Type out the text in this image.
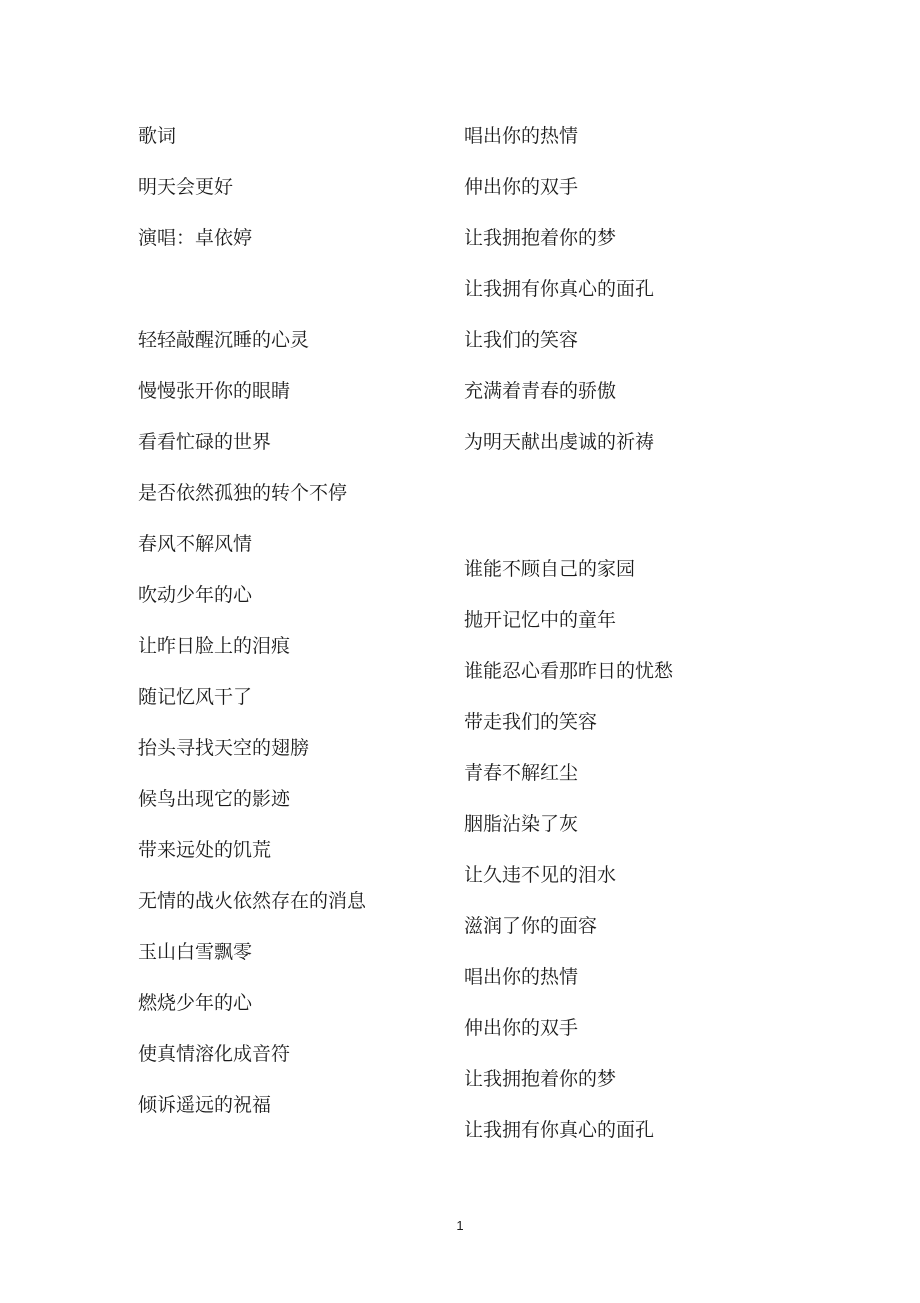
歌词
明天会更好
演唱：卓依婷
轻轻敲醒沉睡的心灵
慢慢张开你的眼睛
看看忙碌的世界
是否依然孤独的转个不停
春风不解风情
吹动少年的心
让昨日脸上的泪痕
随记忆风干了
抬头寻找天空的翅膀
候鸟出现它的影迹
带来远处的饥荒
无情的战火依然存在的消息
玉山白雪飘零
燃烧少年的心
使真情溶化成音符
倾诉遥远的祝福
唱出你的热情
伸出你的双手
让我拥抱着你的梦
让我拥有你真心的面孔
让我们的笑容
充满着青春的骄傲
为明天献出虔诚的祈祷
谁能不顾自己的家园
抛开记忆中的童年
谁能忍心看那昨日的忧愁
带走我们的笑容
青春不解红尘
胭脂沾染了灰
让久违不见的泪水
滋润了你的面容
唱出你的热情
伸出你的双手
让我拥抱着你的梦
让我拥有你真心的面孔
1
